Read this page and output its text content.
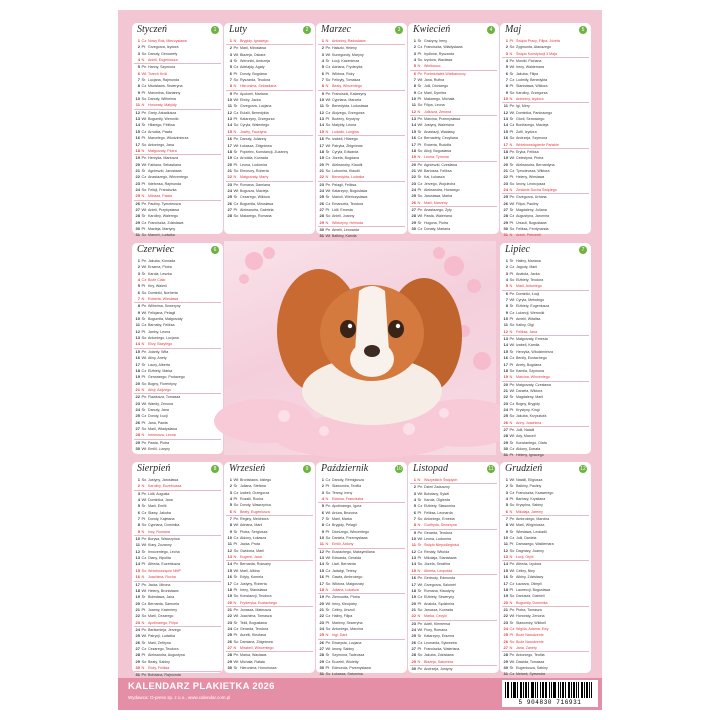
Styczeń	1
1 Cz Nowy Rok, Mieczysława
2 Pt Grzegorza, Izydora
3 So Danuty, Genowefy
4 N	Anieli, Eugeniusza
5 Pn Hanny, Szymona
6 Wt Trzech Króli
7 Śr Lucjana, Rajmunda
8 Cz Mścisława, Seweryna
9 Pt Marcelina, Marianny
10 So Danuty, Wilhelma
11 N	Honoraty, Matyldy
12 Pn Grety, Arkadiusza
13 Wt Bogumiły, Weroniki
14 Śr Hilarego, Feliksa
15 Cz Arnolda, Pawła
16 Pt Marcelego, Włodzimierza
17 So Antoniego, Jana
18 N	Małgorzaty, Piotra
19 Pn Henryka, Mariusza
20 Wt Fabiana, Sebastiana
21 Śr Agnieszki, Jarosława
22 Cz Anastazego, Wincentego
23 Pt Ildefonsa, Rajmunda
24 So Felicji, Franciszka
25 N	Miłosza, Pawła
26 Pn Pauliny, Tymoteusza
27 Wt Anieli, Przybysława
28 Śr Karoliny, Walerego
29 Cz Franciszka, Zdzisława
30 Pt Macieja, Martyny
31 So Marceli, Ludwika
Luty	2
1 N	Brygidy, Ignacego
2 Pn Marii, Mirosława
3 Wt Błażeja, Oskara
4 Śr Weroniki, Andrzeja
5 Cz Adelajdy, Agaty
6 Pt Doroty, Bogdana
7 So Ryszarda, Teodora
8 N	Hieronima, Sebastiana
9 Pn Apolonii, Mariana
10 Wt Elwiry, Jacka
11 Śr Grzegorza, Lucjana
12 Cz Eulalii, Benedykta
13 Pt Katarzyny, Grzegorza
14 So Cyryla, Walentego
15 N	Jowity, Faustyna
16 Pn Danuty, Julianny
17 Wt Łukasza, Zbigniewa
18 Śr Popielec, Konstancji, Zuzanny
19 Cz Arnolda, Konrada
20 Pt Leona, Ludomira
21 So Eleonory, Roberta
22 N	Małgorzaty, Marty
23 Pn Romana, Damiana
24 Wt Bogusza, Macieja
25 Śr Cezarego, Wiktora
26 Cz Bogumiła, Mirosława
27 Pt Aleksandra, Gabriela
28 So Makarego, Romana
Marzec	3
1 N	Antoniny, Radosława
2 Pn Halszki, Heleny
3 Wt Kunegundy, Maryny
4 Śr Łucji, Kazimierza
5 Cz Adriana, Fryderyka
6 Pt Wiktora, Róży
7 So Felicyty, Tomasza
8 N	Beaty, Wincentego
9 Pn Franciszki, Katarzyny
10 Wt Cypriana, Marcela
11 Śr Benedykta, Ludosława
12 Cz Alojzego, Grzegorza
13 Pt Bożeny, Krystyny
14 So Matyldy, Leona
15 N	Ludwiki, Longina
16 Pn Izabeli, Hilarego
17 Wt Patryka, Zbigniewa
18 Śr Cyryla, Edwarda
19 Cz Józefa, Bogdana
20 Pt Aleksandry, Klaudii
21 So Lubomira, Klaudii
22 N	Benedykta, Ludwika
23 Pn Pelagii, Feliksa
24 Wt Katarzyny, Bogusława
25 Śr Marioli, Wieńczysława
26 Cz Emanuela, Teodora
27 Pt Lidii, Ernesta
28 So Anieli, Joanny
29 N	Wiktoryny, Helmuta
30 Pn Amelii, Leonarda
31 Wt Balbiny, Kamila
Kwiecień	4
1 Śr Grażyny, Ireny
2 Cz Franciszka, Władysława
3 Pt Irydiona, Ryszarda
4 So Izydora, Wacława
5 N	Wielkanoc
6 Pn Poniedziałek Wielkanocny
7 Wt Jana, Rufina
8 Śr Julii, Dionizego
9 Cz Marii, Dymitra
10 Pt Makarego, Michała
11 So Filipa, Leona
12 N	Juliusza, Zenona
13 Pn Marcina, Przemysława
14 Wt Justyny, Waleriana
15 Śr Anastazji, Wacławy
16 Cz Bernadety, Cecyliana
17 Pt Roberta, Rudolfa
18 So Alicji, Bogusława
19 N	Leona, Tymona
20 Pn Agnieszki, Czesława
21 Wt Bartosza, Feliksa
22 Śr Kai, Łukasza
23 Cz Jerzego, Wojciecha
24 Pt Aleksandra, Horacego
25 So Jarosława, Marka
26 N	Marii, Marzeny
27 Pn Anastazego, Zyty
28 Wt Pawła, Waleriana
29 Śr Hugona, Piotra
30 Cz Donaty, Mariana
Maj	5
1 Pt Święto Pracy, Filipa, Józefa
2 So Zygmunta, Atanazego
3 N	Święto Konstytucji 3 Maja
4 Pn Moniki, Floriana
5 Wt Ireny, Waldemara
6 Śr Jakuba, Filipa
7 Cz Ludmiły, Benedykta
8 Pt Stanisława, Wiktora
9 So Karoliny, Grzegorza
10 N	Antoniny, Izydora
11 Pn Igi, Mirry
12 Wt Dominika, Pankracego
13 Śr Glorii, Serwacego
14 Cz Bonifacego, Macieja
15 Pt Zofii, Izydora
16 So Andrzeja, Szymona
17 N	Wniebowstąpienie Pańskie
18 Pn Eryka, Feliksa
19 Wt Celestyna, Piotra
20 Śr Aleksandra, Bernardyna
21 Cz Tymoteusza, Wiktora
22 Pt Heleny, Wiesława
23 So Iwony, Leoncjusza
24 N	Zesłanie Ducha Świętego
25 Pn Grzegorza, Urbana
26 Wt Filipa, Pauliny
27 Śr Magdaleny, Juliana
28 Cz Augustyna, Jaromira
29 Pt Urszuli, Bogusława
30 So Feliksa, Ferdynanda
31 N	Anieli, Petroneli
Czerwiec	6
1 Pn Jakuba, Konrada
2 Wt Erazma, Piotra
3 Śr Karola, Leszka
4 Cz Boże Ciało
5 Pt Kiry, Walerii
6 So Dominiki, Norberta
7 N	Roberta, Wiesława
8 Pn Wilhelma, Seweryny
9 Wt Felicjana, Pelagii
10 Śr Bogumiła, Małgorzaty
11 Cz Barnaby, Feliksa
12 Pt Janiny, Leona
13 So Antoniego, Lucjana
14 N	Elizy, Bazylego
15 Pn Jolanty, Wita
16 Wt Aliny, Anety
17 Śr Laury, Alberta
18 Cz Elżbiety, Marka
19 Pt Gerwazego, Protazego
20 So Bogny, Florentyny
21 N	Alicji, Alojzego
22 Pn Flawiusza, Tomasza
23 Wt Wandy, Zenona
24 Śr Danuty, Jana
25 Cz Doroty, Łucji
26 Pt Jana, Pawła
27 So Marii, Władysława
28 N	Ireneusza, Leona
29 Pn Pawła, Piotra
30 Wt Emilii, Lucyny
Lipiec	7
1 Śr Haliny, Mariana
2 Cz Jagody, Marii
3 Pt Anatola, Jacka
4 So Elżbiety, Teodora
5 N	Marii, Antoniego
6 Pn Dominiki, Łucji
7 Wt Cyryla, Metodego
8 Śr Elżbiety, Eugeniusza
9 Cz Lukrecji, Weroniki
10 Pt Amelii, Witalisa
11 So Kaliny, Olgi
12 N	Feliksa, Jana
13 Pn Małgorzaty, Ernesta
14 Wt Izabeli, Kamila
15 Śr Henryka, Włodzimierza
16 Cz Benity, Eustachego
17 Pt Anety, Bogdana
18 So Kamila, Szymona
19 N	Marcina, Wincentego
20 Pn Małgorzaty, Czesława
21 Wt Daniela, Wiktora
22 Śr Magdaleny, Marii
23 Cz Bogny, Brygidy
24 Pt Krystyny, Kingi
25 So Jakuba, Krzysztofa
26 N	Anny, Joachima
27 Pn Julii, Natalii
28 Wt Ady, Marceli
29 Śr Konstantego, Olafa
30 Cz Aldony, Donata
31 Pt Heleny, Ignacego
Sierpień	8
1 So Justyny, Jarosława
2 N	Karoliny, Euzebiusza
3 Pn Lidii, Augusta
4 Wt Dominika, Jana
5 Śr Marii, Emilii
6 Cz Sławy, Jakuba
7 Pt Doroty, Kajetana
8 So Cypriana, Dominika
9 N	Irwy, Romana
10 Pn Borysa, Wawrzyńca
11 Wt Klary, Zuzanny
12 Śr Innocentego, Lecha
13 Cz Diany, Hipolita
14 Pt Alfreda, Euzebiusza
15 So Wniebowzięcie NMP
16 N	Joachima, Rocha
17 Pn Jacka, Mirona
18 Wt Heleny, Bronisława
19 Śr Bolesława, Jana
20 Cz Bernarda, Samuela
21 Pt Joanny, Kazimiery
22 So Marii, Cezarego
23 N	Apolinarego, Filipa
24 Pn Bartłomieja, Jerzego
25 Wt Patrycji, Ludwika
26 Śr Marii, Zefiryna
27 Cz Cezarego, Teodora
28 Pt Aleksandra, Augustyna
29 So Beaty, Sabiny
30 N	Róży, Feliksa
31 Pn Bohdana, Rajmunda
Wrzesień	9
1 Wt Bronisława, Idziego
2 Śr Juliana, Stefana
3 Cz Izabeli, Grzegorza
4 Pt Rozalii, Rocha
5 So Doroty, Wawrzyńca
6 N	Beaty, Eugeniusza
7 Pn Reginy, Melchiora
8 Wt Adriana, Marii
9 Śr Piotra, Sergiusza
10 Cz Aldony, Łukasza
11 Pt Jacka, Prota
12 So Gwidona, Marii
13 N	Eugenii, Jana
14 Pn Bernarda, Roksany
15 Wt Marii, Albina
16 Śr Edyty, Kornela
17 Cz Justyny, Roberta
18 Pt Ireny, Stanisława
19 So Konstancji, Teodora
20 N	Fryderyka, Eustachego
21 Pn Jonasza, Mateusza
22 Wt Joachima, Tomasza
23 Śr Tekli, Bogusława
24 Cz Gerarda, Teodora
25 Pt Aurelii, Kleofasa
26 So Damiana, Zbigniewa
27 N	Mirabeli, Wincentego
28 Pn Marka, Wacława
29 Wt Michała, Rafała
30 Śr Hieronima, Honoriusza
Październik	10
1 Cz Danuty, Remigiusza
2 Pt Sławomira, Teofila
3 So Teresy, Ireny
4 N	Edwina, Franciszka
5 Pn Apolinarego, Igora
6 Wt Artura, Brunona
7 Śr Marii, Marka
8 Cz Brygidy, Pelagii
9 Pt Dionizego, Wincentego
10 So Daniela, Przemysława
11 N	Emilii, Aldony
12 Pn Eustachego, Maksymiliana
13 Wt Edwarda, Geralda
14 Śr Liwii, Bernarda
15 Cz Jadwigi, Teresy
16 Pt Gawła, Ambrożego
17 So Wiktora, Małgorzaty
18 N	Juliana, Łukasza
19 Pn Ziemowita, Piotra
20 Wt Ireny, Kleopatry
21 Śr Celiny, Urszuli
22 Cz Haliny, Filipa
23 Pt Marleny, Seweryna
24 So Antoniego, Marcina
25 N	Ingi, Darii
26 Pn Ewarysta, Lucjana
27 Wt Iwony, Sabiny
28 Śr Szymona, Tadeusza
29 Cz Euzebii, Wioletty
30 Pt Edmunda, Przemysława
31 So Łukasza, Saturnina
Listopad	11
1 N	Wszystkich Świętych
2 Pn Dzień Zaduszny
3 Wt Bohdany, Sylwii
4 Śr Karola, Olgierda
5 Cz Elżbiety, Sławomira
6 Pt Feliksa, Leonarda
7 So Antoniego, Ernesta
8 N	Godfryda, Seweryna
9 Pn Gerarda, Teodora
10 Wt Leona, Ludomira
11 Śr Święto Niepodległości
12 Cz Renaty, Witolda
13 Pt Mikołaja, Stanisława
14 So Józefa, Serafina
15 N	Alberta, Leopolda
16 Pn Gertrudy, Edmunda
17 Wt Grzegorza, Salomei
18 Śr Romana, Klaudyny
19 Cz Elżbiety, Seweryny
20 Pt Anatola, Sędzimira
21 So Janusza, Konrada
22 N	Marka, Cecylii
23 Pn Adeli, Klemensa
24 Wt Flory, Romana
25 Śr Katarzyny, Erazma
26 Cz Leonarda, Sylwestra
27 Pt Franciszka, Waleriana
28 So Jakuba, Zdzisława
29 N	Błażeja, Saturnina
30 Pn Andrzeja, Justyny
Grudzień	12
1 Wt Natalii, Eligiusza
2 Śr Balbiny, Pauliny
3 Cz Franciszka, Ksawerego
4 Pt Barbary, Krystiana
5 So Kryspina, Sabiny
6 N	Mikołaja, Jaremy
7 Pn Ambrożego, Marcina
8 Wt Marii, Wirginiusza
9 Śr Wiesława, Leokadii
10 Cz Julii, Daniela
11 Pt Damazego, Waldemara
12 So Dagmary, Joanny
13 N	Łucji, Otylii
14 Pn Alfreda, Izydora
15 Wt Celiny, Niny
16 Śr Albiny, Zdzisławy
17 Cz Łazarza, Olimpii
18 Pt Laurencji, Bogusława
19 So Dariusza, Gabrieli
20 N	Bogumiły, Dominika
21 Pn Piotra, Tomasza
22 Wt Honoraty, Zenona
23 Śr Sławomiry, Wiktorii
24 Cz Wigilia, Adama, Ewy
25 Pt Boże Narodzenie
26 So Boże Narodzenie
27 N	Jana, Żanety
28 Pn Antoniego, Teofila
29 Wt Dawida, Tomasza
30 Śr Eugeniusza, Sabiny
31 Cz Melanii, Sylwestra
KALENDARZ PLAKIETKA 2026
Wydawca: O-press sp. z o.o., www.calendar.com.pl
5 904830 716931
